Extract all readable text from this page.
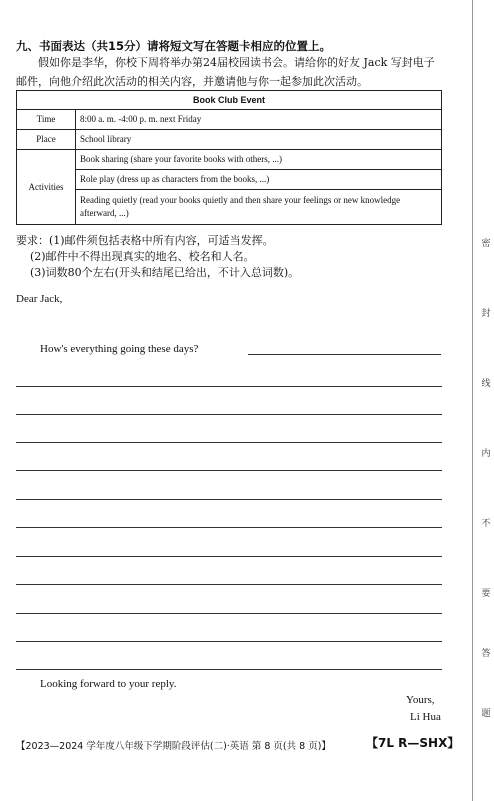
九、书面表达（共15分）请将短文写在答题卡相应的位置上。
假如你是李华，你校下周将举办第24届校园读书会。请给你的好友 Jack 写封电子
邮件，向他介绍此次活动的相关内容，并邀请他与你一起参加此次活动。
Book Club Event	
Time	8:00 a. m. -4:00 p. m. next Friday
Place	School library
Activities	Book sharing (share your favorite books with others, ...)
	Role play (dress up as characters from the books, ...)
	Reading quietly (read your books quietly and then share your feelings or new knowledge
afterward, ...)
要求：(1)邮件须包括表格中所有内容，可适当发挥。
(2)邮件中不得出现真实的地名、校名和人名。
(3)词数80个左右(开头和结尾已给出，不计入总词数)。
Dear Jack,
How's everything going these days?
Looking forward to your reply.
Yours,
Li Hua
【2023—2024 学年度八年级下学期阶段评估(二)·英语 第 8 页(共 8 页)】	【7L R—SHX】
密
封
线
内
不
要
答
题
